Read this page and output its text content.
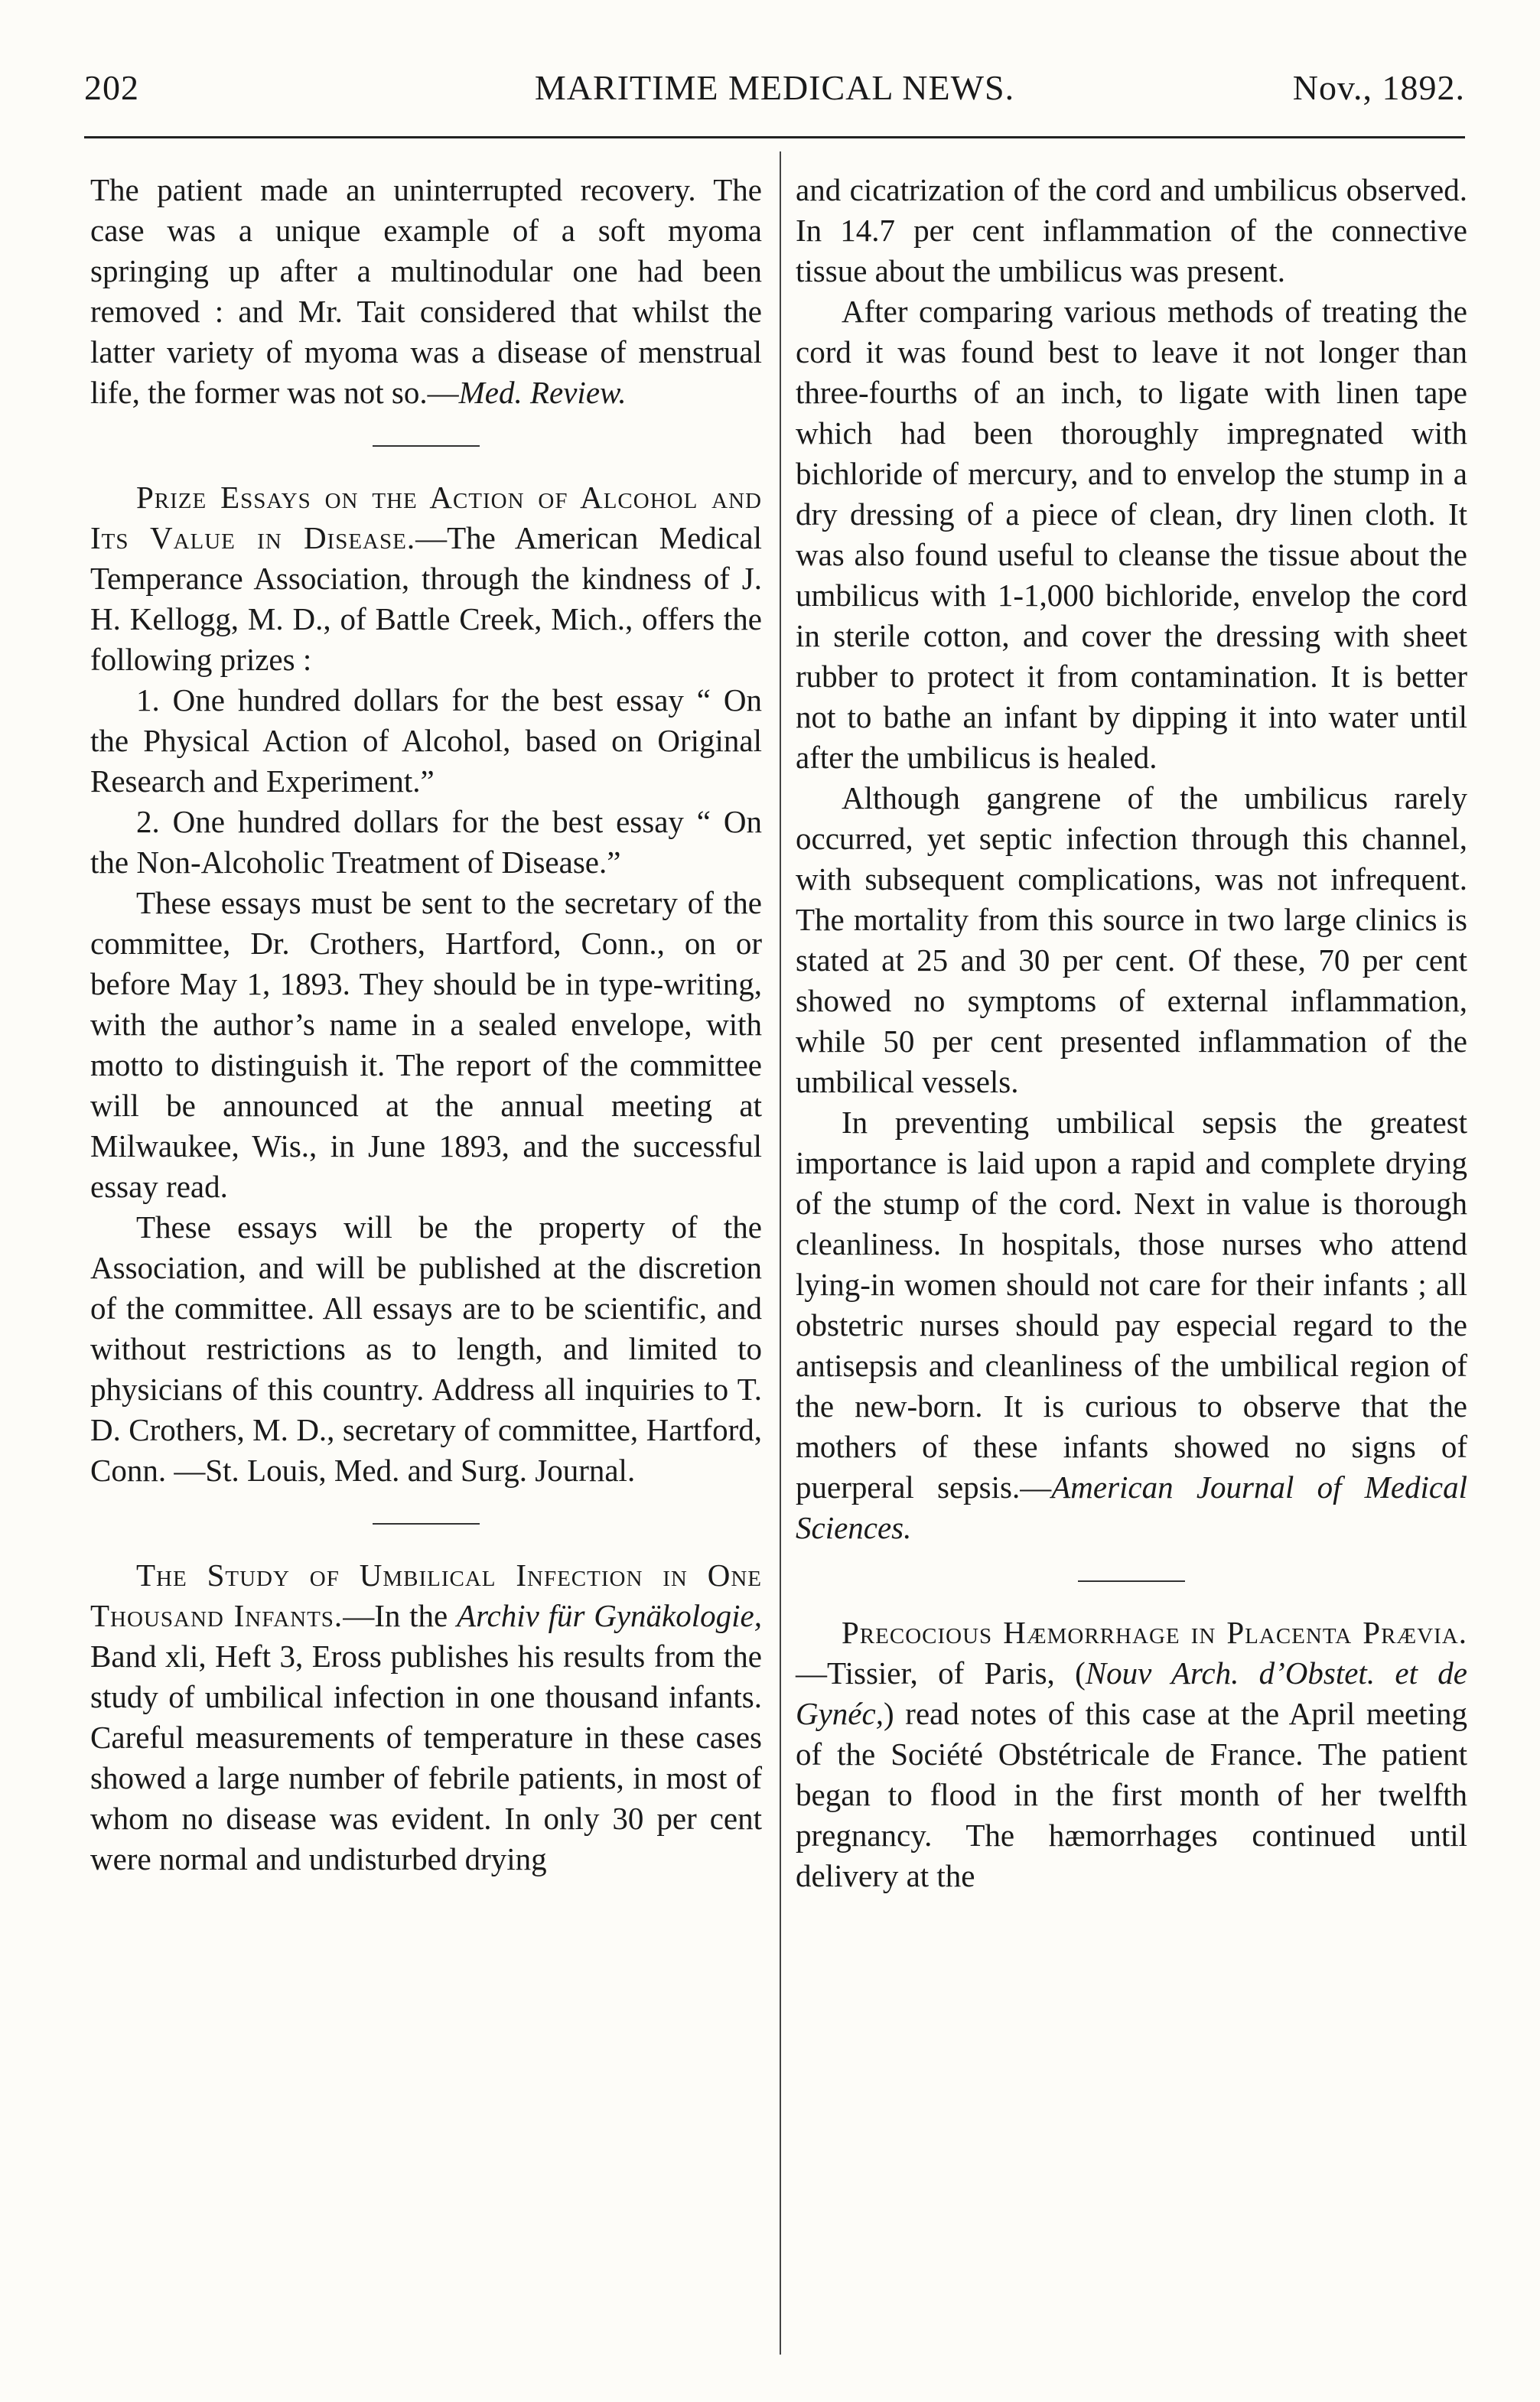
202	MARITIME MEDICAL NEWS.	Nov., 1892.

The patient made an uninterrupted recovery. The case was a unique example of a soft myoma springing up after a multinodular one had been removed : and Mr. Tait considered that whilst the latter variety of myoma was a disease of menstrual life, the former was not so.—Med. Review.

Prize Essays on the Action of Alcohol and Its Value in Disease.—The American Medical Temperance Association, through the kindness of J. H. Kellogg, M. D., of Battle Creek, Mich., offers the following prizes :

1. One hundred dollars for the best essay “ On the Physical Action of Alcohol, based on Original Research and Experiment.”

2. One hundred dollars for the best essay “ On the Non-Alcoholic Treatment of Disease.”

These essays must be sent to the secretary of the committee, Dr. Crothers, Hartford, Conn., on or before May 1, 1893. They should be in type-writing, with the author’s name in a sealed envelope, with motto to distinguish it. The report of the committee will be announced at the annual meeting at Milwaukee, Wis., in June 1893, and the successful essay read.

These essays will be the property of the Association, and will be published at the discretion of the committee. All essays are to be scientific, and without restrictions as to length, and limited to physicians of this country. Address all inquiries to T. D. Crothers, M. D., secretary of committee, Hartford, Conn. —St. Louis, Med. and Surg. Journal.

The Study of Umbilical Infection in One Thousand Infants.—In the Archiv für Gynäkologie, Band xli, Heft 3, Eross publishes his results from the study of umbilical infection in one thousand infants. Careful measurements of temperature in these cases showed a large number of febrile patients, in most of whom no disease was evident. In only 30 per cent were normal and undisturbed drying

and cicatrization of the cord and umbilicus observed. In 14.7 per cent inflammation of the connective tissue about the umbilicus was present.

After comparing various methods of treating the cord it was found best to leave it not longer than three-fourths of an inch, to ligate with linen tape which had been thoroughly impregnated with bichloride of mercury, and to envelop the stump in a dry dressing of a piece of clean, dry linen cloth. It was also found useful to cleanse the tissue about the umbilicus with 1-1,000 bichloride, envelop the cord in sterile cotton, and cover the dressing with sheet rubber to protect it from contamination. It is better not to bathe an infant by dipping it into water until after the umbilicus is healed.

Although gangrene of the umbilicus rarely occurred, yet septic infection through this channel, with subsequent complications, was not infrequent. The mortality from this source in two large clinics is stated at 25 and 30 per cent. Of these, 70 per cent showed no symptoms of external inflammation, while 50 per cent presented inflammation of the umbilical vessels.

In preventing umbilical sepsis the greatest importance is laid upon a rapid and complete drying of the stump of the cord. Next in value is thorough cleanliness. In hospitals, those nurses who attend lying-in women should not care for their infants ; all obstetric nurses should pay especial regard to the antisepsis and cleanliness of the umbilical region of the new-born. It is curious to observe that the mothers of these infants showed no signs of puerperal sepsis.—American Journal of Medical Sciences.

Precocious Hæmorrhage in Placenta Prævia.—Tissier, of Paris, (Nouv Arch. d’Obstet. et de Gynéc,) read notes of this case at the April meeting of the Société Obstétricale de France. The patient began to flood in the first month of her twelfth pregnancy. The hæmorrhages continued until delivery at the
